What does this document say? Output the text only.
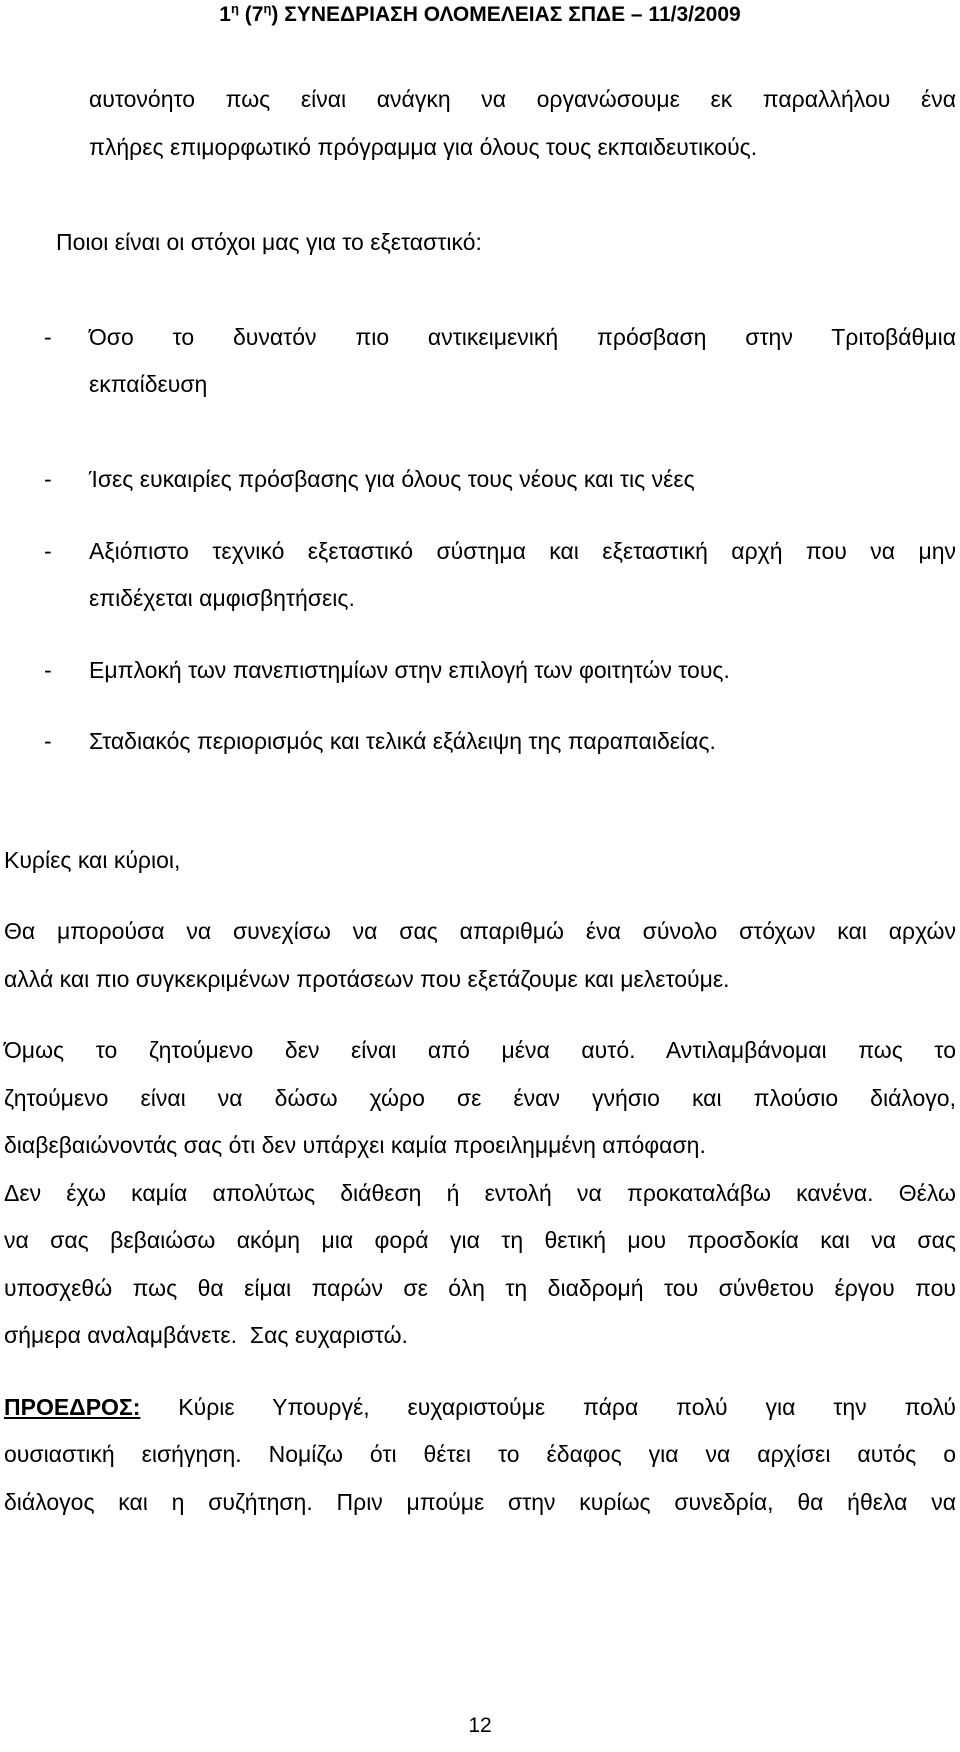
$1^\eta$ $(7^\eta)$ ΣΥΝΕΔΡΙΑΣΗ ΟΛΟΜΕΛΕΙΑΣ ΣΠΔΕ – 11/3/2009
αυτονόητο πως είναι ανάγκη να οργανώσουμε εκ παραλλήλου ένα
πλήρες επιμορφωτικό πρόγραμμα για όλους τους εκπαιδευτικούς.
Ποιοι είναι οι στόχοι μας για το εξεταστικό:
- Όσο το δυνατόν πιο αντικειμενική πρόσβαση στην Τριτοβάθμια
εκπαίδευση
- Ίσες ευκαιρίες πρόσβασης για όλους τους νέους και τις νέες
- Αξιόπιστο τεχνικό εξεταστικό σύστημα και εξεταστική αρχή που να μην
επιδέχεται αμφισβητήσεις.
- Εμπλοκή των πανεπιστημίων στην επιλογή των φοιτητών τους.
- Σταδιακός περιορισμός και τελικά εξάλειψη της παραπαιδείας.
Κυρίες και κύριοι,
Θα μπορούσα να συνεχίσω να σας απαριθμώ ένα σύνολο στόχων και αρχών
αλλά και πιο συγκεκριμένων προτάσεων που εξετάζουμε και μελετούμε.
Όμως το ζητούμενο δεν είναι από μένα αυτό. Αντιλαμβάνομαι πως το
ζητούμενο είναι να δώσω χώρο σε έναν γνήσιο και πλούσιο διάλογο,
διαβεβαιώνοντάς σας ότι δεν υπάρχει καμία προειλημμένη απόφαση.
Δεν έχω καμία απολύτως διάθεση ή εντολή να προκαταλάβω κανένα. Θέλω
να σας βεβαιώσω ακόμη μια φορά για τη θετική μου προσδοκία και να σας
υποσχεθώ πως θα είμαι παρών σε όλη τη διαδρομή του σύνθετου έργου που
σήμερα αναλαμβάνετε.  Σας ευχαριστώ.
ΠΡΟΕΔΡΟΣ: Κύριε Υπουργέ, ευχαριστούμε πάρα πολύ για την πολύ
ουσιαστική εισήγηση. Νομίζω ότι θέτει το έδαφος για να αρχίσει αυτός ο
διάλογος και η συζήτηση. Πριν μπούμε στην κυρίως συνεδρία, θα ήθελα να
12
